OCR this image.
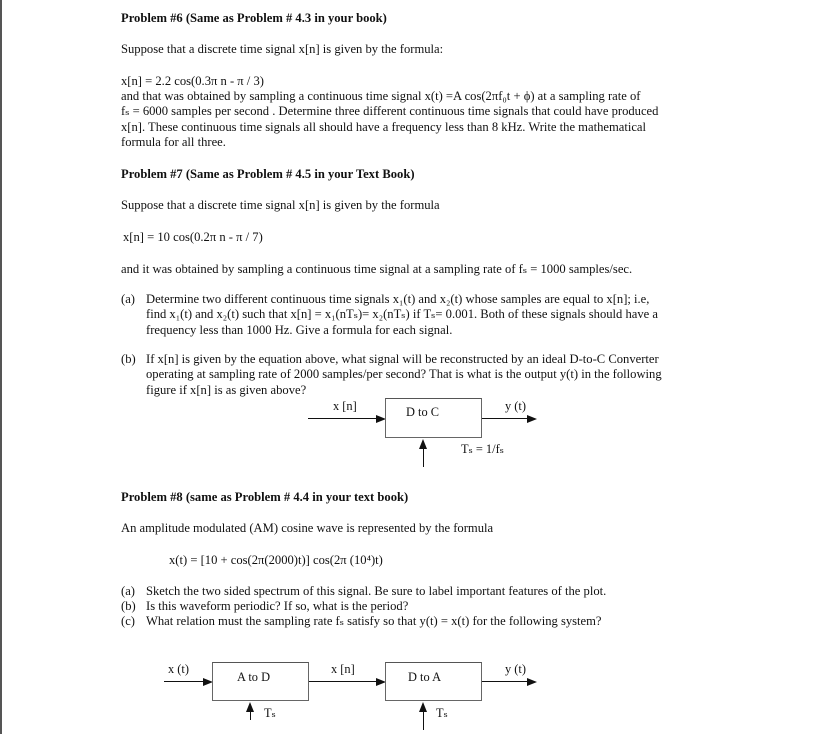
Problem #6 (Same as Problem # 4.3 in your book)
Suppose that a discrete time signal x[n] is given by the formula:
x[n] = 2.2 cos(0.3π n - π / 3)
and that was obtained by sampling a continuous time signal x(t) =A cos(2πf₀t + ϕ) at a sampling rate of
fₛ = 6000 samples per second . Determine three different continuous time signals that could have produced
x[n]. These continuous time signals all should have a frequency less than 8 kHz. Write the mathematical
formula for all three.
Problem #7 (Same as Problem # 4.5 in your Text Book)
Suppose that a discrete time signal x[n] is given by the formula
x[n] = 10 cos(0.2π n - π / 7)
and it was obtained by sampling a continuous time signal at a sampling rate of fₛ = 1000 samples/sec.
(a) Determine two different continuous time signals x₁(t) and x₂(t) whose samples are equal to x[n]; i.e,
find x₁(t) and x₂(t) such that x[n] = x₁(nTₛ)= x₂(nTₛ) if Tₛ= 0.001. Both of these signals should have a
frequency less than 1000 Hz. Give a formula for each signal.
(b) If x[n] is given by the equation above, what signal will be reconstructed by an ideal D-to-C Converter
operating at sampling rate of 2000 samples/per second? That is what is the output y(t) in the following
figure if x[n] is as given above?
x [n]	D to C	y (t)
Tₛ = 1/fₛ
Problem #8 (same as Problem # 4.4 in your text book)
An amplitude modulated (AM) cosine wave is represented by the formula
x(t) = [10 + cos(2π(2000)t)] cos(2π (10⁴)t)
(a) Sketch the two sided spectrum of this signal. Be sure to label important features of the plot.
(b) Is this waveform periodic? If so, what is the period?
(c) What relation must the sampling rate fₛ satisfy so that y(t) = x(t) for the following system?
x (t)
A to D
x [n]
D to A
y (t)
Tₛ	Tₛ
